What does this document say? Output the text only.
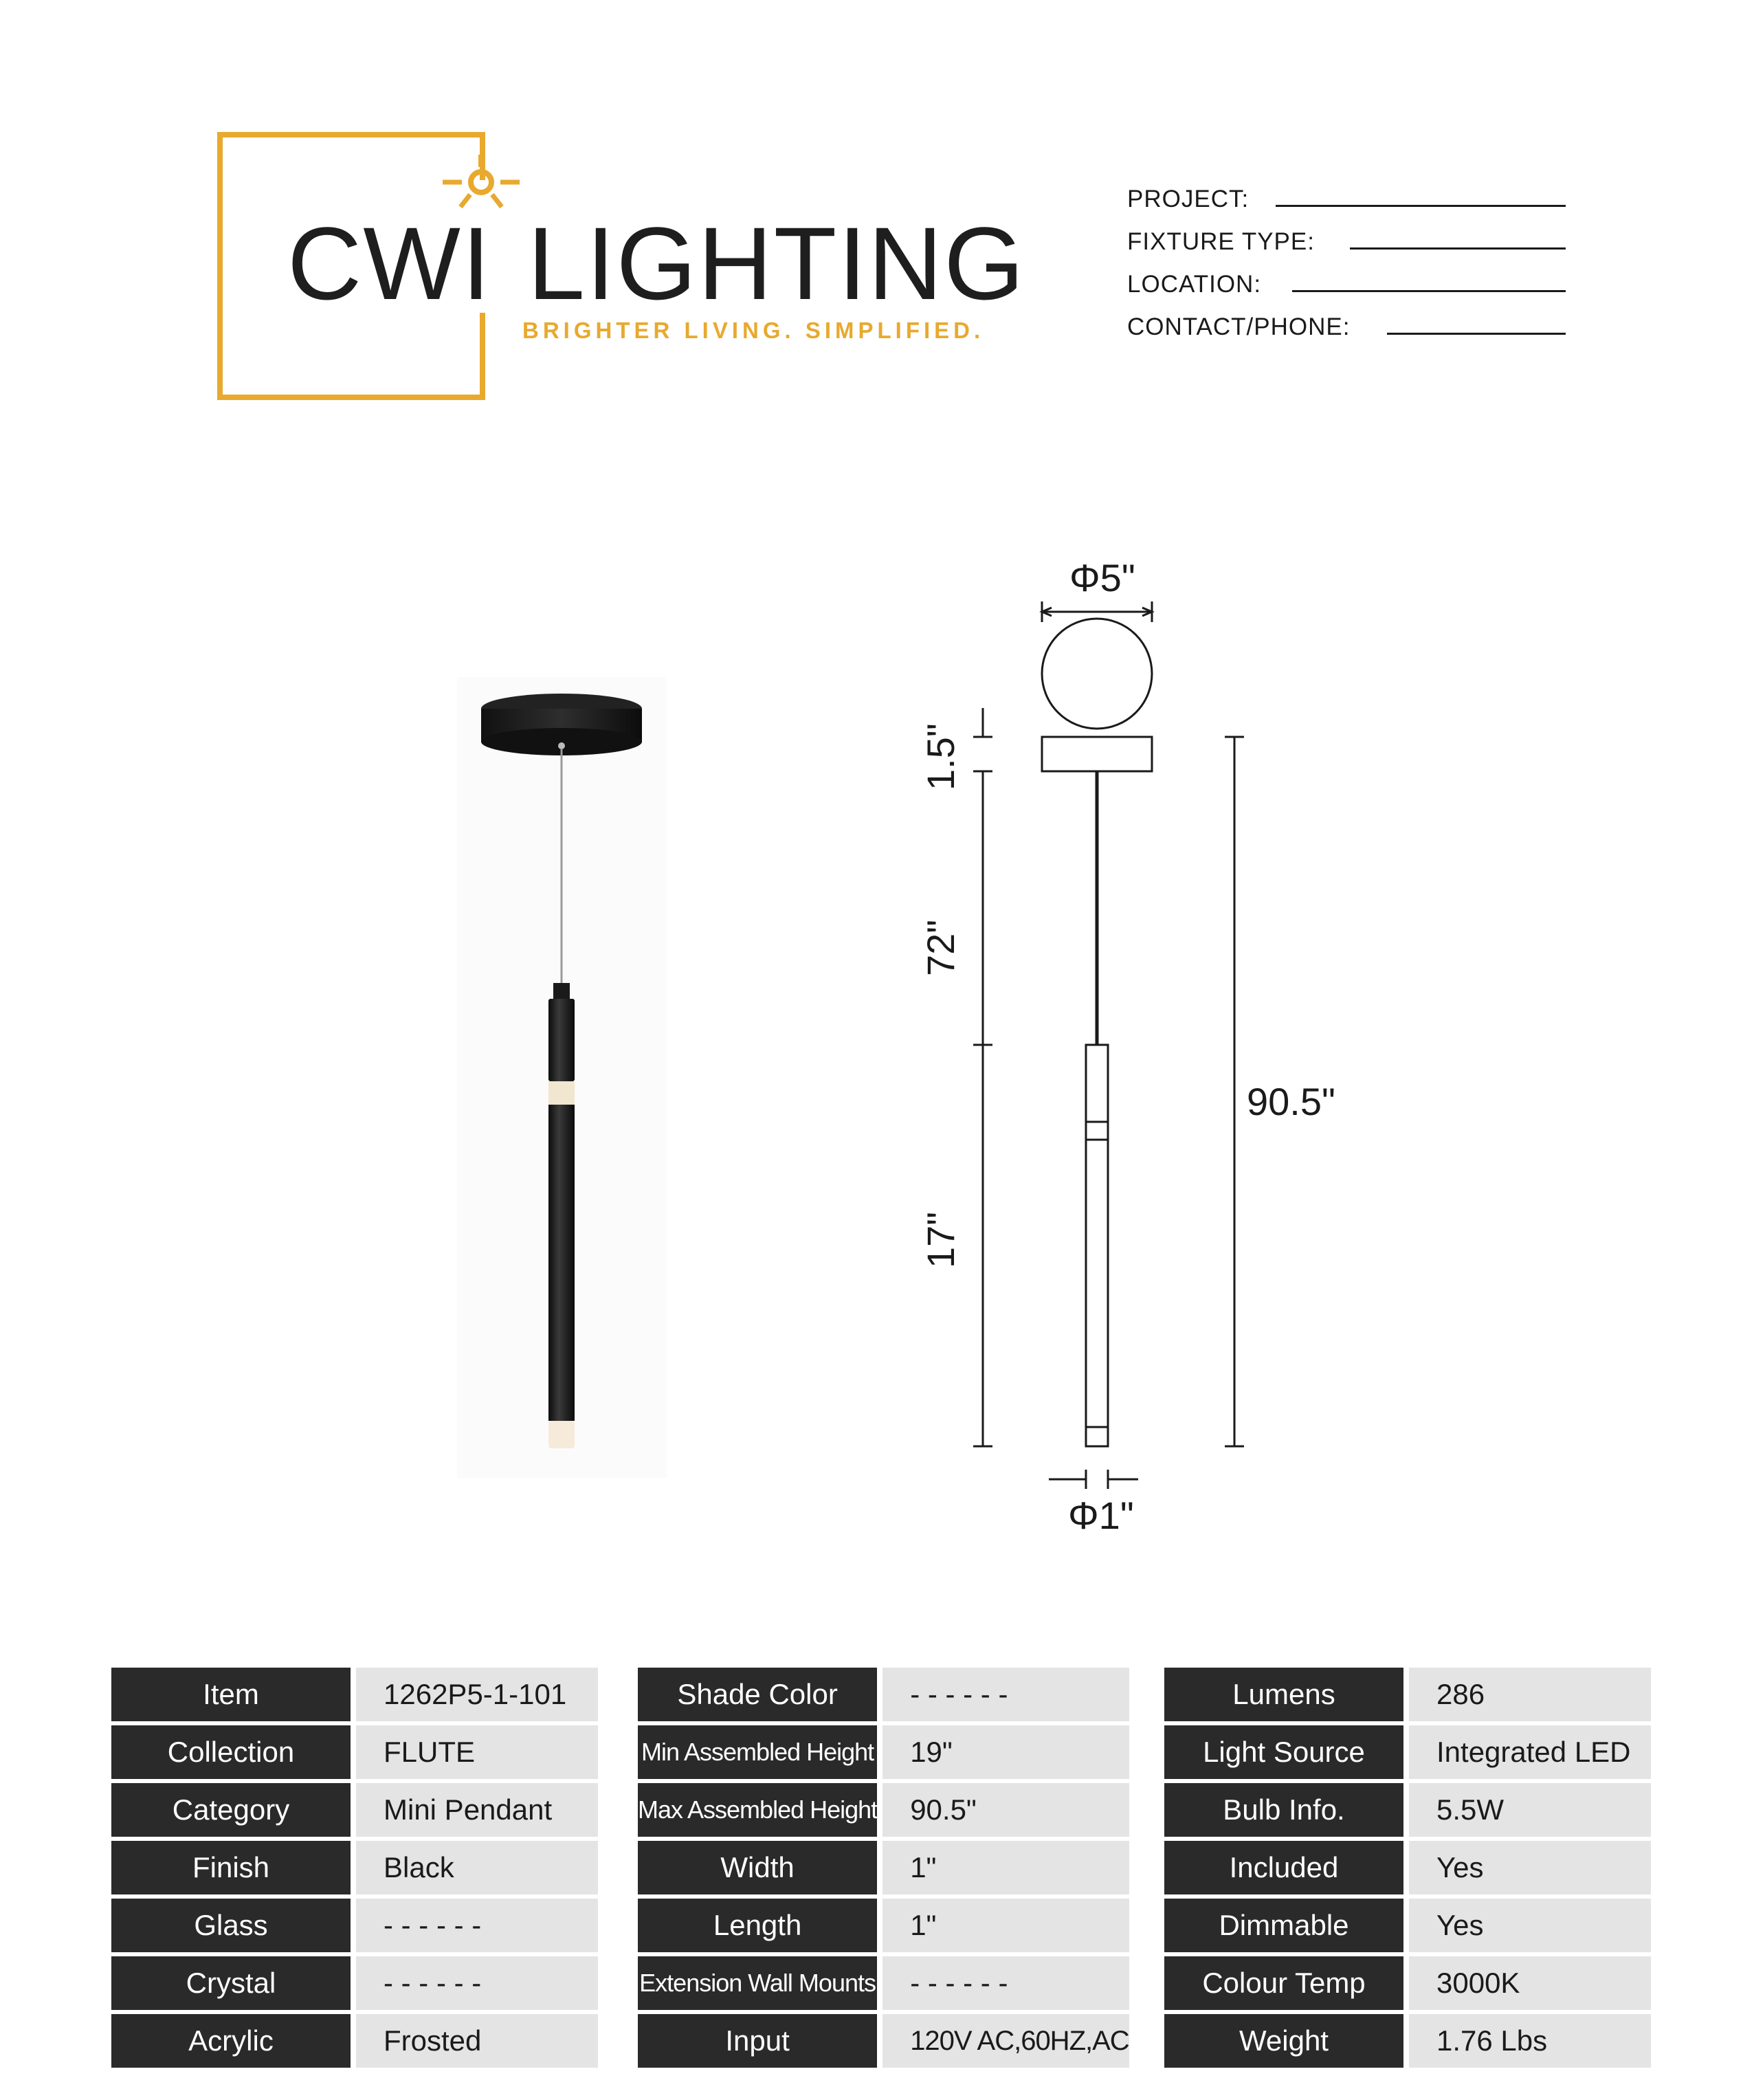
CWI LIGHTING
BRIGHTER LIVING. SIMPLIFIED.
PROJECT:
FIXTURE TYPE:
LOCATION:
CONTACT/PHONE:
Φ5"
1.5"
72"
17"
90.5"
Φ1"
Item	1262P5-1-101
Collection	FLUTE
Category	Mini Pendant
Finish	Black
Glass	- - - - - -
Crystal	- - - - - -
Acrylic	Frosted
Shade Color	- - - - - -
Min Assembled Height	19"
Max Assembled Height	90.5"
Width	1"
Length	1"
Extension Wall Mounts	- - - - - -
Input	120V AC,60HZ,AC
Lumens	286
Light Source	Integrated LED
Bulb Info.	5.5W
Included	Yes
Dimmable	Yes
Colour Temp	3000K
Weight	1.76 Lbs
